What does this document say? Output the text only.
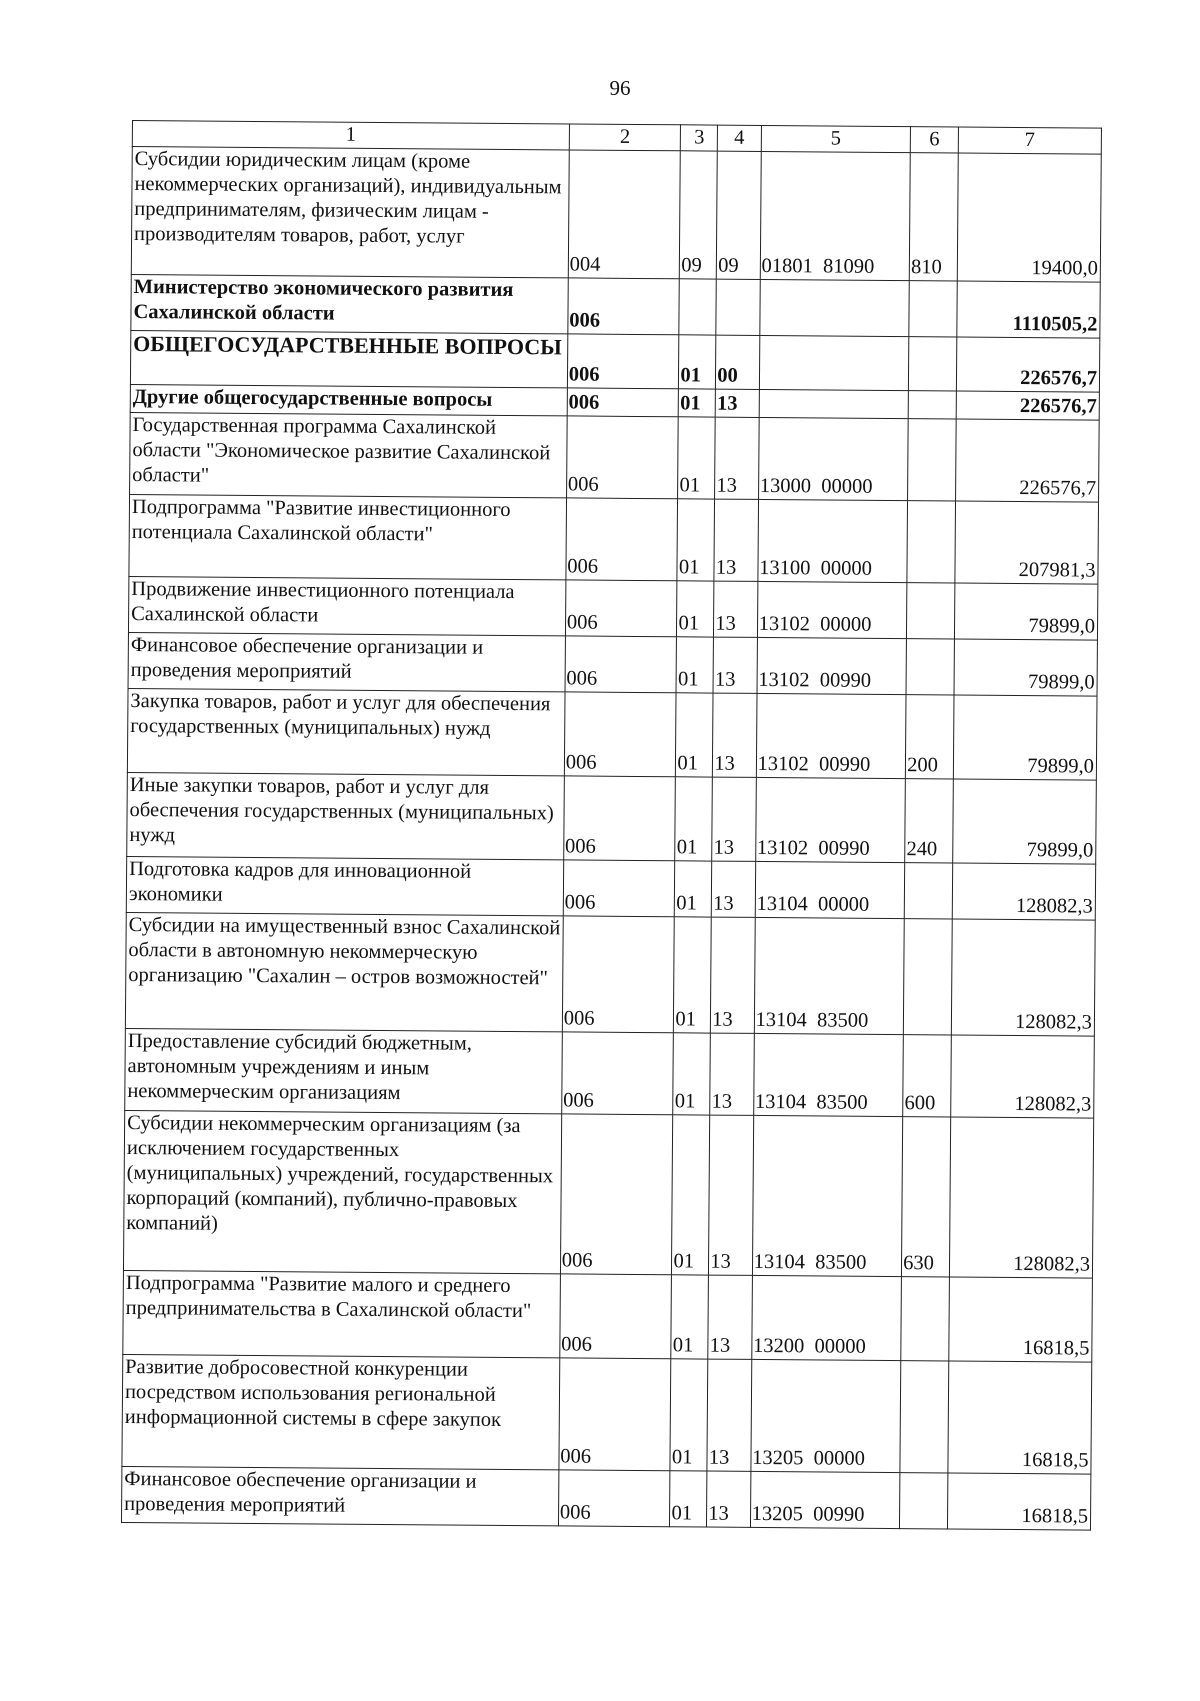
96
1	2	3	4	5	6	7
Субсидии юридическим лицам (кроме некоммерческих организаций), индивидуальным предпринимателям, физическим лицам - производителям товаров, работ, услуг	004	09	09	01801  81090	810	19400,0
Министерство экономического развития Сахалинской области	006					1110505,2
ОБЩЕГОСУДАРСТВЕННЫЕ ВОПРОСЫ	006	01	00			226576,7
Другие общегосударственные вопросы	006	01	13			226576,7
Государственная программа Сахалинской области "Экономическое развитие Сахалинской области"	006	01	13	13000  00000		226576,7
Подпрограмма "Развитие инвестиционного потенциала Сахалинской области"	006	01	13	13100  00000		207981,3
Продвижение инвестиционного потенциала Сахалинской области	006	01	13	13102  00000		79899,0
Финансовое обеспечение организации и проведения мероприятий	006	01	13	13102  00990		79899,0
Закупка товаров, работ и услуг для обеспечения государственных (муниципальных) нужд	006	01	13	13102  00990	200	79899,0
Иные закупки товаров, работ и услуг для обеспечения государственных (муниципальных) нужд	006	01	13	13102  00990	240	79899,0
Подготовка кадров для инновационной экономики	006	01	13	13104  00000		128082,3
Субсидии на имущественный взнос Сахалинской области в автономную некоммерческую организацию "Сахалин – остров возможностей"	006	01	13	13104  83500		128082,3
Предоставление субсидий бюджетным, автономным учреждениям и иным некоммерческим организациям	006	01	13	13104  83500	600	128082,3
Субсидии некоммерческим организациям (за исключением государственных (муниципальных) учреждений, государственных корпораций (компаний), публично-правовых компаний)	006	01	13	13104  83500	630	128082,3
Подпрограмма "Развитие малого и среднего предпринимательства в Сахалинской области"	006	01	13	13200  00000		16818,5
Развитие добросовестной конкуренции посредством использования региональной информационной системы в сфере закупок	006	01	13	13205  00000		16818,5
Финансовое обеспечение организации и проведения мероприятий	006	01	13	13205  00990		16818,5
